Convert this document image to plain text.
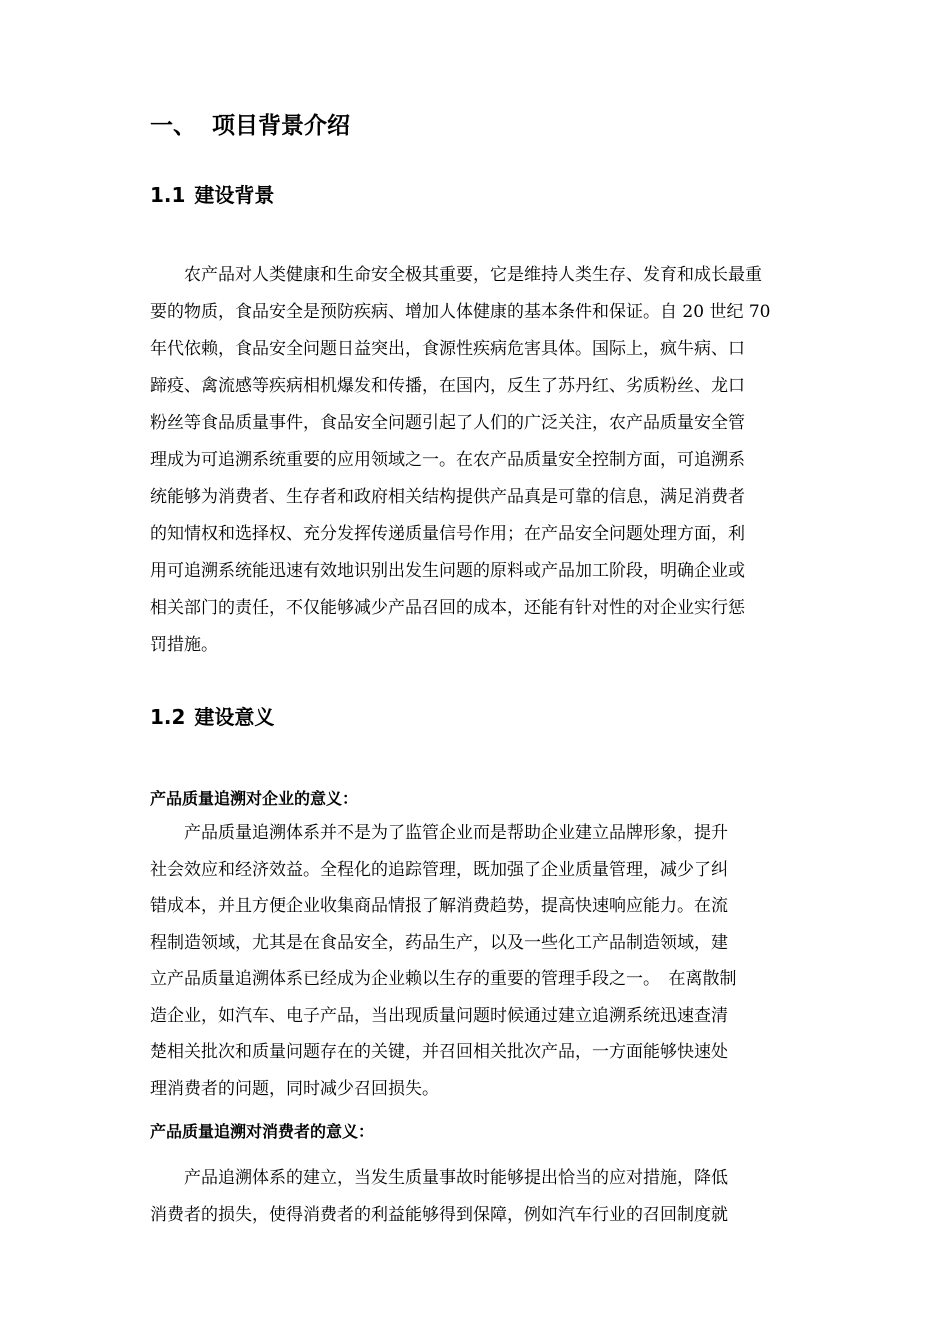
一、 项目背景介绍
1.1 建设背景
　　农产品对人类健康和生命安全极其重要，它是维持人类生存、发育和成长最重
要的物质，食品安全是预防疾病、增加人体健康的基本条件和保证。自 20 世纪 70
年代依赖，食品安全问题日益突出，食源性疾病危害具体。国际上，疯牛病、口
蹄疫、禽流感等疾病相机爆发和传播，在国内，反生了苏丹红、劣质粉丝、龙口
粉丝等食品质量事件，食品安全问题引起了人们的广泛关注，农产品质量安全管
理成为可追溯系统重要的应用领域之一。在农产品质量安全控制方面，可追溯系
统能够为消费者、生存者和政府相关结构提供产品真是可靠的信息，满足消费者
的知情权和选择权、充分发挥传递质量信号作用；在产品安全问题处理方面，利
用可追溯系统能迅速有效地识别出发生问题的原料或产品加工阶段，明确企业或
相关部门的责任，不仅能够减少产品召回的成本，还能有针对性的对企业实行惩
罚措施。
1.2 建设意义
产品质量追溯对企业的意义：
　　产品质量追溯体系并不是为了监管企业而是帮助企业建立品牌形象，提升
社会效应和经济效益。全程化的追踪管理，既加强了企业质量管理，减少了纠
错成本，并且方便企业收集商品情报了解消费趋势，提高快速响应能力。在流
程制造领域，尤其是在食品安全，药品生产，以及一些化工产品制造领域，建
立产品质量追溯体系已经成为企业赖以生存的重要的管理手段之一。　在离散制
造企业，如汽车、电子产品，当出现质量问题时候通过建立追溯系统迅速查清
楚相关批次和质量问题存在的关键，并召回相关批次产品，一方面能够快速处
理消费者的问题，同时减少召回损失。
产品质量追溯对消费者的意义：
　　产品追溯体系的建立，当发生质量事故时能够提出恰当的应对措施，降低
消费者的损失，使得消费者的利益能够得到保障，例如汽车行业的召回制度就
